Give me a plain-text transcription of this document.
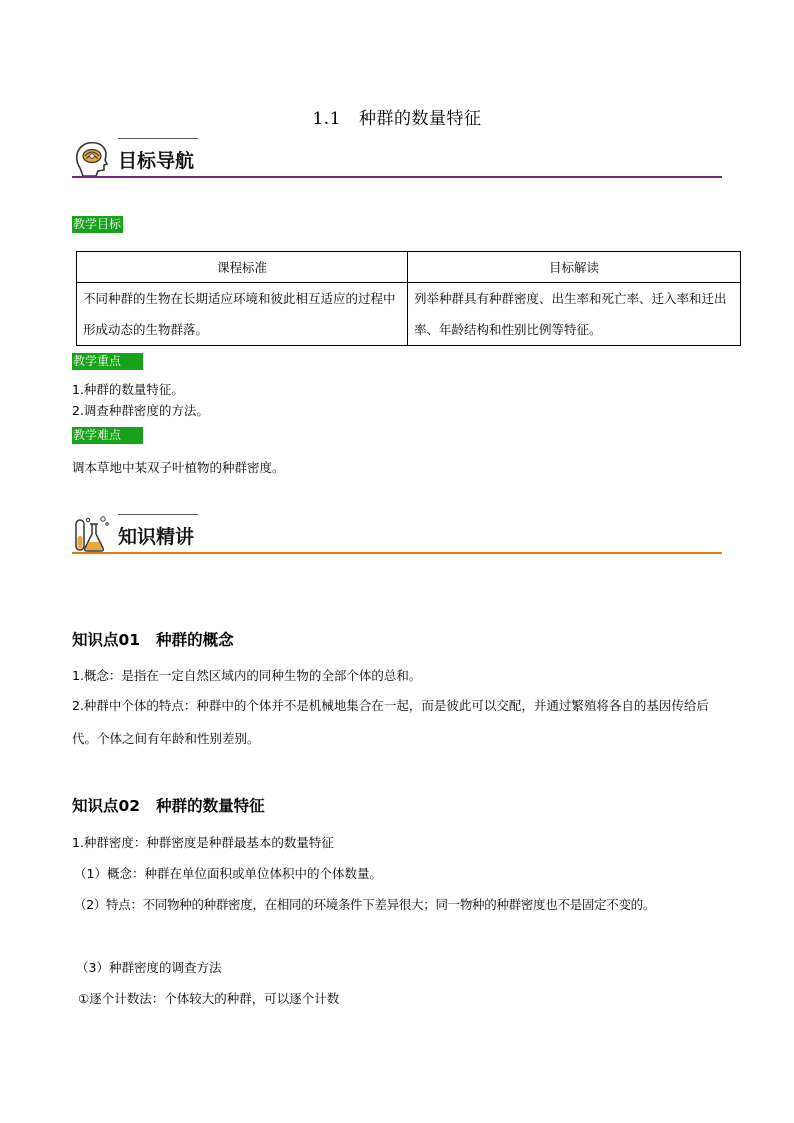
1.1 种群的数量特征
目标导航
教学目标
课程标准	目标解读
不同种群的生物在长期适应环境和彼此相互适应的过程中形成动态的生物群落。	列举种群具有种群密度、出生率和死亡率、迁入率和迁出率、年龄结构和性别比例等特征。
教学重点
1.种群的数量特征。
2.调查种群密度的方法。
教学难点
调本草地中某双子叶植物的种群密度。
知识精讲
知识点01 种群的概念
1.概念：是指在一定自然区域内的同种生物的全部个体的总和。
2.种群中个体的特点：种群中的个体并不是机械地集合在一起，而是彼此可以交配，并通过繁殖将各自的基因传给后代。个体之间有年龄和性别差别。
知识点02 种群的数量特征
1.种群密度：种群密度是种群最基本的数量特征
（1）概念：种群在单位面积或单位体积中的个体数量。
（2）特点：不同物种的种群密度，在相同的环境条件下差异很大；同一物种的种群密度也不是固定不变的。
（3）种群密度的调查方法
①逐个计数法：个体较大的种群，可以逐个计数
